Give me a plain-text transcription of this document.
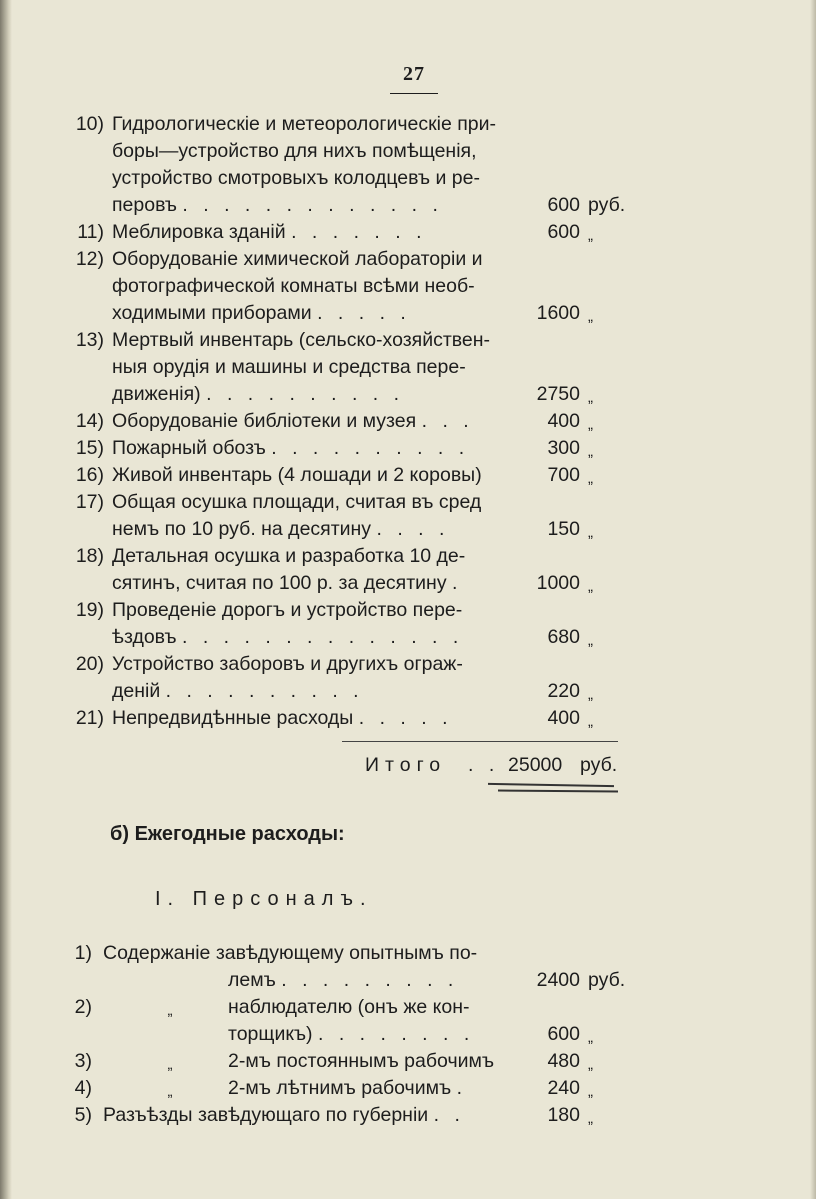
27
10) Гидрологическіе и метеорологическіе при-
боры—устройство для нихъ помѣщенія,
устройство смотровыхъ колодцевъ и ре-
перовъ . . . . . . . . . . . . .	600 руб.
11) Меблировка зданій . . . . . . .	600 „
12) Оборудованіе химической лабораторіи и
фотографической комнаты всѣми необ-
ходимыми приборами . . . . .	1600 „
13) Мертвый инвентарь (сельско-хозяйствен-
ныя орудія и машины и средства пере-
движенія) . . . . . . . . . .	2750 „
14) Оборудованіе библіотеки и музея . . .	400 „
15) Пожарный обозъ . . . . . . . . . .	300 „
16) Живой инвентарь (4 лошади и 2 коровы)	700 „
17) Общая осушка площади, считая въ сред
немъ по 10 руб. на десятину . . . .	150 „
18) Детальная осушка и разработка 10 де-
сятинъ, считая по 100 р. за десятину .	1000 „
19) Проведеніе дорогъ и устройство пере-
ѣздовъ . . . . . . . . . . . . . .	680 „
20) Устройство заборовъ и другихъ ограж-
деній . . . . . . . . . .	220 „
21) Непредвидѣнные расходы . . . . .	400 „
Итого . . 25000 руб.
б) Ежегодные расходы:
I. Персоналъ.
1) Содержаніе завѣдующему опытнымъ по-
лемъ . . . . . . . . .	2400 руб.
2)	„	наблюдателю (онъ же кон-
торщикъ) . . . . . . . .	600 „
3)	„	2-мъ постояннымъ рабочимъ	480 „
4)	„	2-мъ лѣтнимъ рабочимъ .	240 „
5) Разъѣзды завѣдующаго по губерніи . .	180 „
